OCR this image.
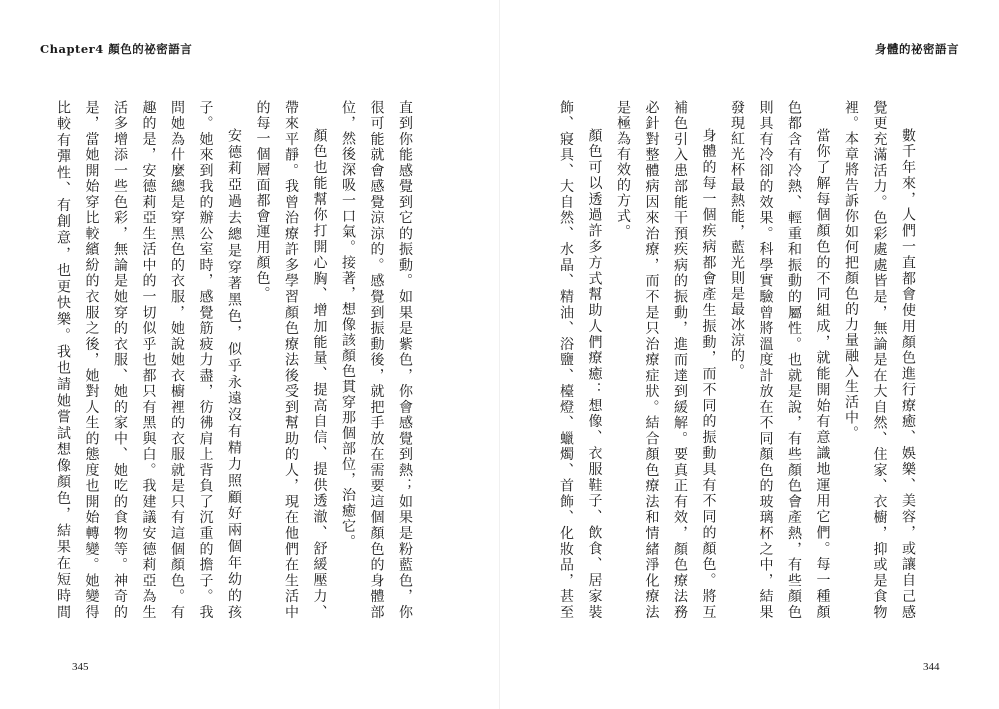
Chapter4 顏色的祕密語言	身體的祕密語言

數千年來，人們一直都會使用顏色進行療癒、娛樂、美容，或讓自己感覺更充滿活力。色彩處處皆是，無論是在大自然、住家、衣櫥，抑或是食物裡。本章將告訴你如何把顏色的力量融入生活中。

當你了解每個顏色的不同組成，就能開始有意識地運用它們。每一種顏色都含有冷熱、輕重和振動的屬性。也就是說，有些顏色會產熱，有些顏色則具有冷卻的效果。科學實驗曾將溫度計放在不同顏色的玻璃杯之中，結果發現紅光杯最熱能，藍光則是最冰涼的。

身體的每一個疾病都會產生振動，而不同的振動具有不同的顏色。將互補色引入患部能干預疾病的振動，進而達到緩解。要真正有效，顏色療法務必針對整體病因來治療，而不是只治療症狀。結合顏色療法和情緒淨化療法是極為有效的方式。

顏色可以透過許多方式幫助人們療癒：想像、衣服鞋子、飲食、居家裝飾、寢具、大自然、水晶、精油、浴鹽、檯燈、蠟燭、首飾、化妝品，甚至

直到你能感覺到它的振動。如果是紫色，你會感覺到熱；如果是粉藍色，你很可能就會感覺涼涼的。感覺到振動後，就把手放在需要這個顏色的身體部位，然後深吸一口氣。接著，想像該顏色貫穿那個部位，治癒它。

顏色也能幫你打開心胸、增加能量、提高自信、提供透澈、舒緩壓力、帶來平靜。我曾治療許多學習顏色療法後受到幫助的人，現在他們在生活中的每一個層面都會運用顏色。

安德莉亞過去總是穿著黑色，似乎永遠沒有精力照顧好兩個年幼的孩子。她來到我的辦公室時，感覺筋疲力盡，彷彿肩上背負了沉重的擔子。我問她為什麼總是穿黑色的衣服，她說她衣櫥裡的衣服就是只有這個顏色。有趣的是，安德莉亞生活中的一切似乎也都只有黑與白。我建議安德莉亞為生活多增添一些色彩，無論是她穿的衣服、她的家中、她吃的食物等。神奇的是，當她開始穿比較繽紛的衣服之後，她對人生的態度也開始轉變。她變得比較有彈性、有創意，也更快樂。我也請她嘗試想像顏色，結果在短時間

345	344
